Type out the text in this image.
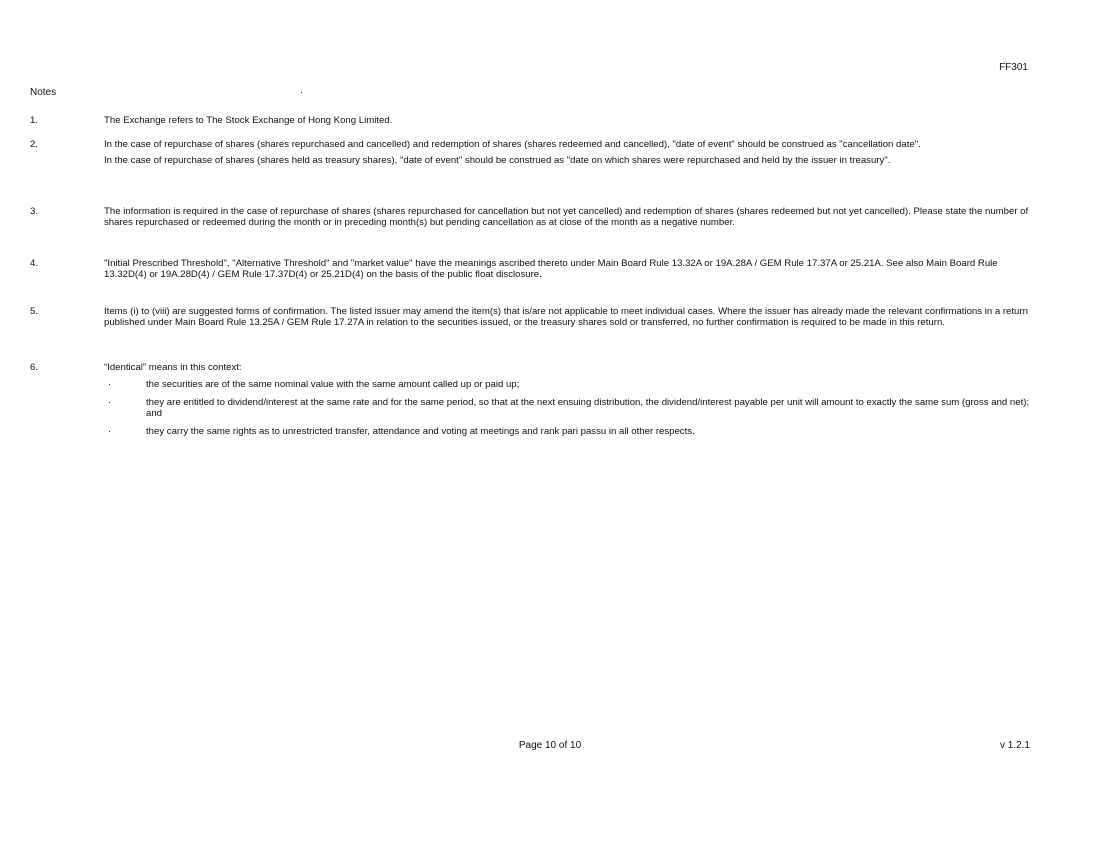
FF301
Notes
1.	The Exchange refers to The Stock Exchange of Hong Kong Limited.
2.	In the case of repurchase of shares (shares repurchased and cancelled) and redemption of shares (shares redeemed and cancelled), "date of event" should be construed as "cancellation date".
In the case of repurchase of shares (shares held as treasury shares), "date of event" should be construed as "date on which shares were repurchased and held by the issuer in treasury".
3.	The information is required in the case of repurchase of shares (shares repurchased for cancellation but not yet cancelled) and redemption of shares (shares redeemed but not yet cancelled). Please state the number of shares repurchased or redeemed during the month or in preceding month(s) but pending cancellation as at close of the month as a negative number.
4.	"Initial Prescribed Threshold", "Alternative Threshold" and "market value" have the meanings ascribed thereto under Main Board Rule 13.32A or 19A.28A / GEM Rule 17.37A or 25.21A. See also Main Board Rule 13.32D(4) or 19A.28D(4) / GEM Rule 17.37D(4) or 25.21D(4) on the basis of the public float disclosure.
5.	Items (i) to (viii) are suggested forms of confirmation. The listed issuer may amend the item(s) that is/are not applicable to meet individual cases. Where the issuer has already made the relevant confirmations in a return published under Main Board Rule 13.25A / GEM Rule 17.27A in relation to the securities issued, or the treasury shares sold or transferred, no further confirmation is required to be made in this return.
6.	“Identical” means in this context:
·	the securities are of the same nominal value with the same amount called up or paid up;
·	they are entitled to dividend/interest at the same rate and for the same period, so that at the next ensuing distribution, the dividend/interest payable per unit will amount to exactly the same sum (gross and net); and
·	they carry the same rights as to unrestricted transfer, attendance and voting at meetings and rank pari passu in all other respects.
Page 10 of 10	v 1.2.1
